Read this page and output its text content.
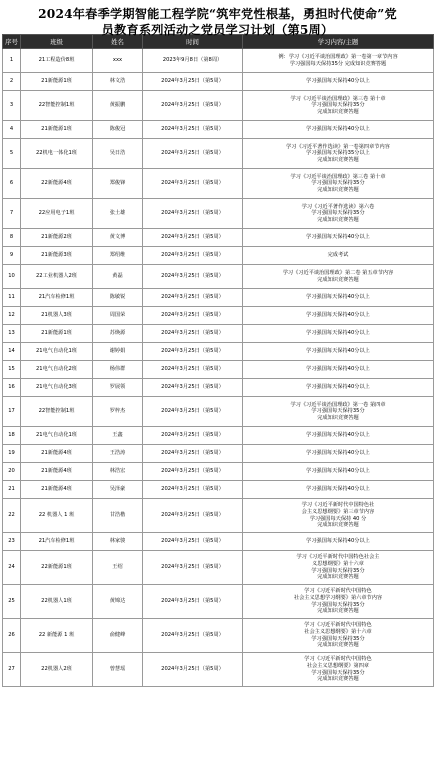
2024年春季学期智能工程学院“筑牢党性根基，勇担时代使命”党
员教育系列活动之党员学习计划（第5周）
序号	班级	姓名	时间	学习内容/主题
1	21工程造价8班	xxx	2023年9月8日（第8周）	例：学习《习近平谈治国理政》第一卷第一章节内容
学习强国每天保持35分 完成知识竞赛答题
2	21新能源1班	林文浩	2024年3月25日（第5周）	学习强国每天保持40分以上
3	22智能控制1班	黄振鹏	2024年3月25日（第5周）	学习《习近平谈治国理政》第三卷 第十章
学习强国每天保持35分
完成知识竞赛答题
4	21新能源1班	陈俊冠	2024年3月25日（第5周）	学习强国每天保持40分以上
5	22机电一体化1班	吴日浩	2024年3月25日（第5周）	学习《习近平著作选读》第一卷第四章节内容
学习强国每天保持35分以上
完成知识竞赛答题
6	22新能源4班	郑俊锋	2024年3月25日（第5周）	学习《习近平谈治国理政》第三卷 第十章
学习强国每天保持35分
完成知识竞赛答题
7	22应用电子1班	张土雄	2024年3月25日（第5周）	学习《习近平著作选读》第六卷
学习强国每天保持35分
完成知识竞赛答题
8	21新能源2班	黄文博	2024年3月25日（第5周）	学习强国每天保持40分以上
9	21新能源3班	郑绍维	2024年3月25日（第5周）	完成考试
10	22工业机器人2班	黄磊	2024年3月25日（第5周）	学习《习近平谈治国理政》第二卷 第五章节内容
完成知识竞赛答题
11	21汽车检修1班	陈敏锐	2024年3月25日（第5周）	学习强国每天保持40分以上
12	21机器人3班	周国荣	2024年3月25日（第5周）	学习强国每天保持40分以上
13	21新能源1班	苏焕源	2024年3月25日（第5周）	学习强国每天保持40分以上
14	21电气自动化1班	谢婷娟	2024年3月25日（第5周）	学习强国每天保持40分以上
15	21电气自动化2班	杨伟群	2024年3月25日（第5周）	学习强国每天保持40分以上
16	21电气自动化3班	罗展领	2024年3月25日（第5周）	学习强国每天保持40分以上
17	22智能控制1班	罗梓杰	2024年3月25日（第5周）	学习《习近平谈治国理政》第一卷 第四章
学习强国每天保持35分
完成知识竞赛答题
18	21电气自动化1班	王鑫	2024年3月25日（第5周）	学习强国每天保持40分以上
19	21新能源4班	王浩涛	2024年3月25日（第5周）	学习强国每天保持40分以上
20	21新能源4班	林浩宏	2024年3月25日（第5周）	学习强国每天保持40分以上
21	21新能源4班	吴泽豪	2024年3月25日（第5周）	学习强国每天保持40分以上
22	22 机器人 1 班	甘浩楷	2024年3月25日（第5周）	学习《习近平新时代中国特色社
会主义思想纲要》第三章节内容
学习强国每天保持 40 分
完成知识竞赛答题
23	21汽车检修1班	林家骏	2024年3月25日（第5周）	学习强国每天保持40分以上
24	22新能源1班	王绍	2024年3月25日（第5周）	学习《习近平新时代中国特色社会主
义思想纲要》第十六章
学习强国每天保持35分
完成知识竞赛答题
25	22机器人1班	黄锦达	2024年3月25日（第5周）	学习《习近平新时代中国特色
社会主义思想学习纲要》第六章节内容
学习强国每天保持35分
完成知识竞赛答题
26	22 新能源 1 班	俞健峰	2024年3月25日（第5周）	学习《习近平新时代中国特色
社会主义思想纲要》第十六章
学习强国每天保持35分
完成知识竞赛答题
27	22机器人2班	曾慧瑶	2024年3月25日（第5周）	学习《习近平新时代中国特色
社会主义思想纲要》第四章
学习强国每天保持35分
完成知识竞赛答题
